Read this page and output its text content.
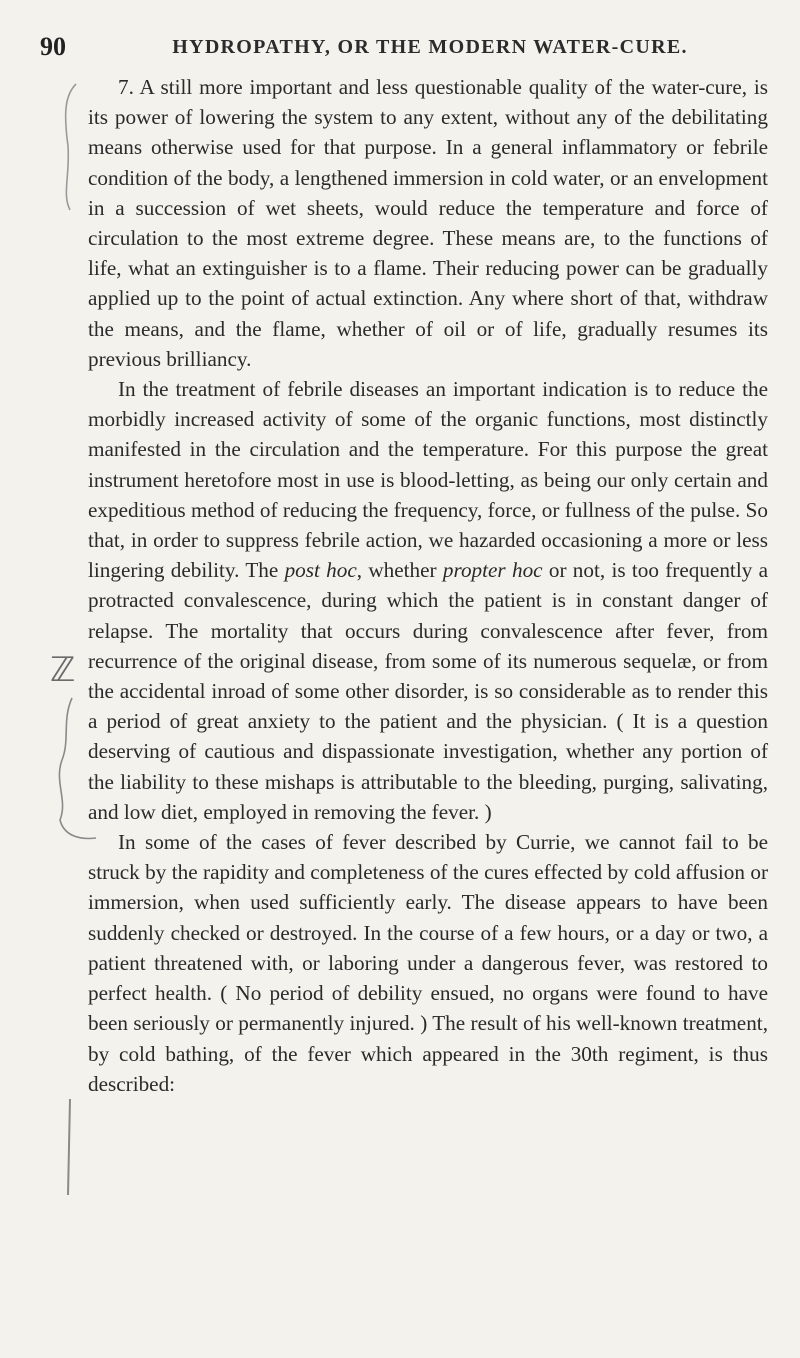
90	HYDROPATHY, OR THE MODERN WATER-CURE.
ℤ

7. A still more important and less questionable quality of the water-cure, is its power of lowering the system to any extent, without any of the debilitating means otherwise used for that purpose. In a general inflammatory or febrile condition of the body, a lengthened immersion in cold water, or an envelopment in a succession of wet sheets, would reduce the temperature and force of circulation to the most extreme degree. These means are, to the functions of life, what an extinguisher is to a flame. Their reducing power can be gradually applied up to the point of actual extinction. Any where short of that, withdraw the means, and the flame, whether of oil or of life, gradually resumes its previous brilliancy.

In the treatment of febrile diseases an important indication is to reduce the morbidly increased activity of some of the organic functions, most distinctly manifested in the circulation and the temperature. For this purpose the great instrument heretofore most in use is blood-letting, as being our only certain and expeditious method of reducing the frequency, force, or fullness of the pulse. So that, in order to suppress febrile action, we hazarded occasioning a more or less lingering debility. The post hoc, whether propter hoc or not, is too frequently a protracted convalescence, during which the patient is in constant danger of relapse. The mortality that occurs during convalescence after fever, from recurrence of the original disease, from some of its numerous sequelæ, or from the accidental inroad of some other disorder, is so considerable as to render this a period of great anxiety to the patient and the physician. ( It is a question deserving of cautious and dispassionate investigation, whether any portion of the liability to these mishaps is attributable to the bleeding, purging, salivating, and low diet, employed in removing the fever. )

In some of the cases of fever described by Currie, we cannot fail to be struck by the rapidity and completeness of the cures effected by cold affusion or immersion, when used sufficiently early. The disease appears to have been suddenly checked or destroyed. In the course of a few hours, or a day or two, a patient threatened with, or laboring under a dangerous fever, was restored to perfect health. ( No period of debility ensued, no organs were found to have been seriously or permanently injured. ) The result of his well-known treatment, by cold bathing, of the fever which appeared in the 30th regiment, is thus described:
